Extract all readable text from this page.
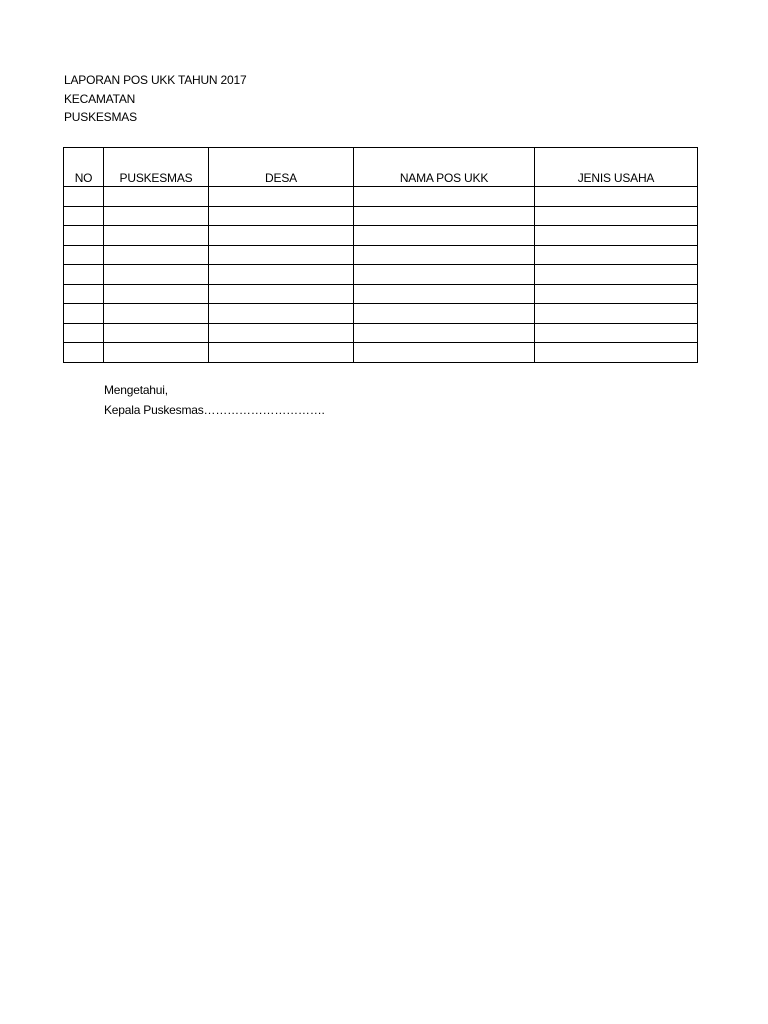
LAPORAN POS UKK TAHUN 2017
KECAMATAN
PUSKESMAS
NO	PUSKESMAS	DESA	NAMA POS UKK	JENIS USAHA

Mengetahui,
Kepala Puskesmas………………………….
